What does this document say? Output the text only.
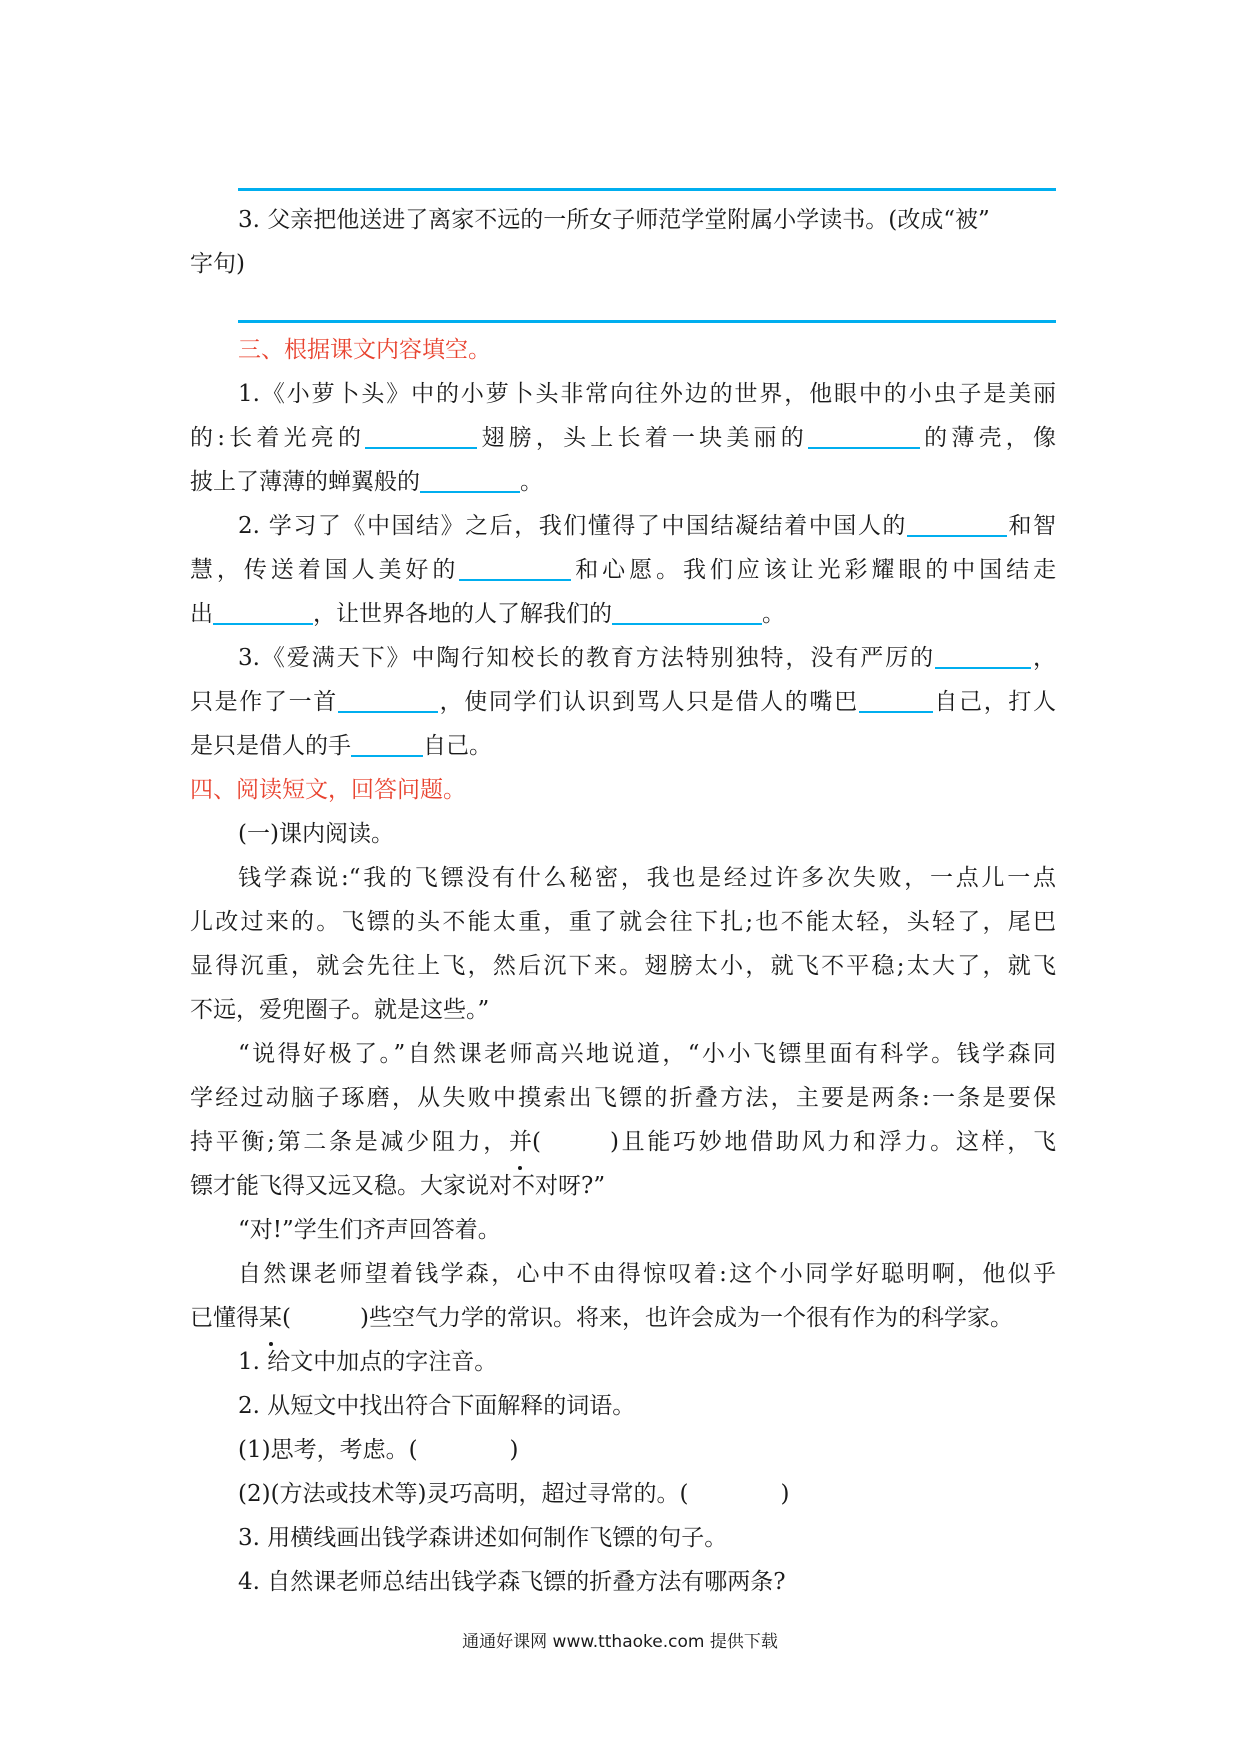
3. 父亲把他送进了离家不远的一所女子师范学堂附属小学读书。(改成“被”
字句)
三、根据课文内容填空。
1.《小萝卜头》中的小萝卜头非常向往外边的世界，他眼中的小虫子是美丽
的:长着光亮的	翅膀，头上长着一块美丽的	的薄壳，像
披上了薄薄的蝉翼般的	。
2. 学习了《中国结》之后，我们懂得了中国结凝结着中国人的	和智
慧，传送着国人美好的	和心愿。我们应该让光彩耀眼的中国结走
出	，让世界各地的人了解我们的	。
3.《爱满天下》中陶行知校长的教育方法特别独特，没有严厉的	，
只是作了一首	，使同学们认识到骂人只是借人的嘴巴	自己，打人
是只是借人的手	自己。
四、阅读短文，回答问题。
(一)课内阅读。
钱学森说:“我的飞镖没有什么秘密，我也是经过许多次失败，一点儿一点
儿改过来的。飞镖的头不能太重，重了就会往下扎;也不能太轻，头轻了，尾巴
显得沉重，就会先往上飞，然后沉下来。翅膀太小，就飞不平稳;太大了，就飞
不远，爱兜圈子。就是这些。”
“说得好极了。”自然课老师高兴地说道，“小小飞镖里面有科学。钱学森同
学经过动脑子琢磨，从失败中摸索出飞镖的折叠方法，主要是两条:一条是要保
持平衡;第二条是减少阻力，并(　　　)且能巧妙地借助风力和浮力。这样，飞
镖才能飞得又远又稳。大家说对不对呀?”
“对!”学生们齐声回答着。
自然课老师望着钱学森，心中不由得惊叹着:这个小同学好聪明啊，他似乎
已懂得某(　　　)些空气力学的常识。将来，也许会成为一个很有作为的科学家。
1. 给文中加点的字注音。
2. 从短文中找出符合下面解释的词语。
(1)思考，考虑。(　　　　)
(2)(方法或技术等)灵巧高明，超过寻常的。(　　　　)
3. 用横线画出钱学森讲述如何制作飞镖的句子。
4. 自然课老师总结出钱学森飞镖的折叠方法有哪两条?
通通好课网 www.tthaoke.com 提供下载
